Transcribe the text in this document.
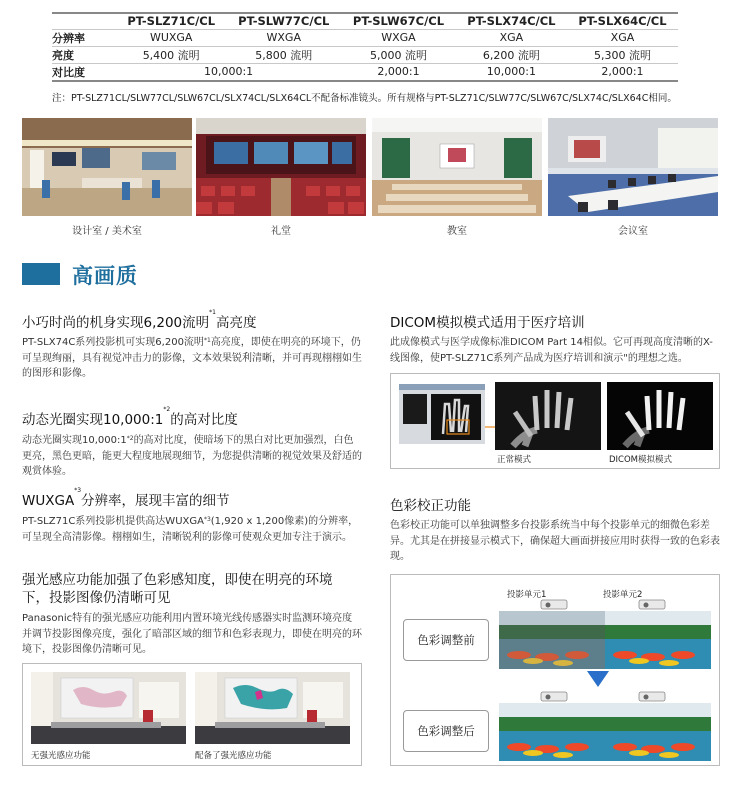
	PT-SLZ71C/CL	PT-SLW77C/CL	PT-SLW67C/CL	PT-SLX74C/CL	PT-SLX64C/CL
分辨率	WUXGA	WXGA	WXGA	XGA	XGA
亮度	5,400 流明	5,800 流明	5,000 流明	6,200 流明	5,300 流明
对比度	10,000:1		2,000:1	10,000:1	2,000:1
注：PT-SLZ71CL/SLW77CL/SLW67CL/SLX74CL/SLX64CL不配备标准镜头。所有规格与PT-SLZ71C/SLW77C/SLW67C/SLX74C/SLX64C相同。
设计室 / 美术室	礼堂	教室	会议室
高画质
小巧时尚的机身实现6,200流明$^{*1}$高亮度
PT-SLX74C系列投影机可实现6,200流明$^{*1}$高亮度，即使在明亮的环境下，仍可呈现绚丽，具有视觉冲击力的影像，文本效果锐利清晰，并可再现栩栩如生的图形和影像。
动态光圈实现10,000:1$^{*2}$的高对比度
动态光圈实现10,000:1$^{*2}$的高对比度，使暗场下的黑白对比更加强烈，白色更亮，黑色更暗，能更大程度地展现细节，为您提供清晰的视觉效果及舒适的观赏体验。
WUXGA$^{*3}$分辨率，展现丰富的细节
PT-SLZ71C系列投影机提供高达WUXGA$^{*3}$(1,920 x 1,200像素)的分辨率，可呈现全高清影像。栩栩如生，清晰锐利的影像可使观众更加专注于演示。
强光感应功能加强了色彩感知度，即使在明亮的环境
下，投影图像仍清晰可见
Panasonic特有的强光感应功能利用内置环境光线传感器实时监测环境亮度并调节投影图像亮度，强化了暗部区域的细节和色彩表现力，即使在明亮的环境下，投影图像仍清晰可见。
无强光感应功能	配备了强光感应功能
DICOM模拟模式适用于医疗培训
此成像模式与医学成像标准DICOM Part 14相似。它可再现高度清晰的X-线图像，使PT-SLZ71C系列产品成为医疗培训和演示"的理想之选。
正常模式	DICOM模拟模式
色彩校正功能
色彩校正功能可以单独调整多台投影系统当中每个投影单元的细微色彩差异。尤其是在拼接显示模式下，确保超大画面拼接应用时获得一致的色彩表现。
投影单元1	投影单元2
色彩调整前
色彩调整后
